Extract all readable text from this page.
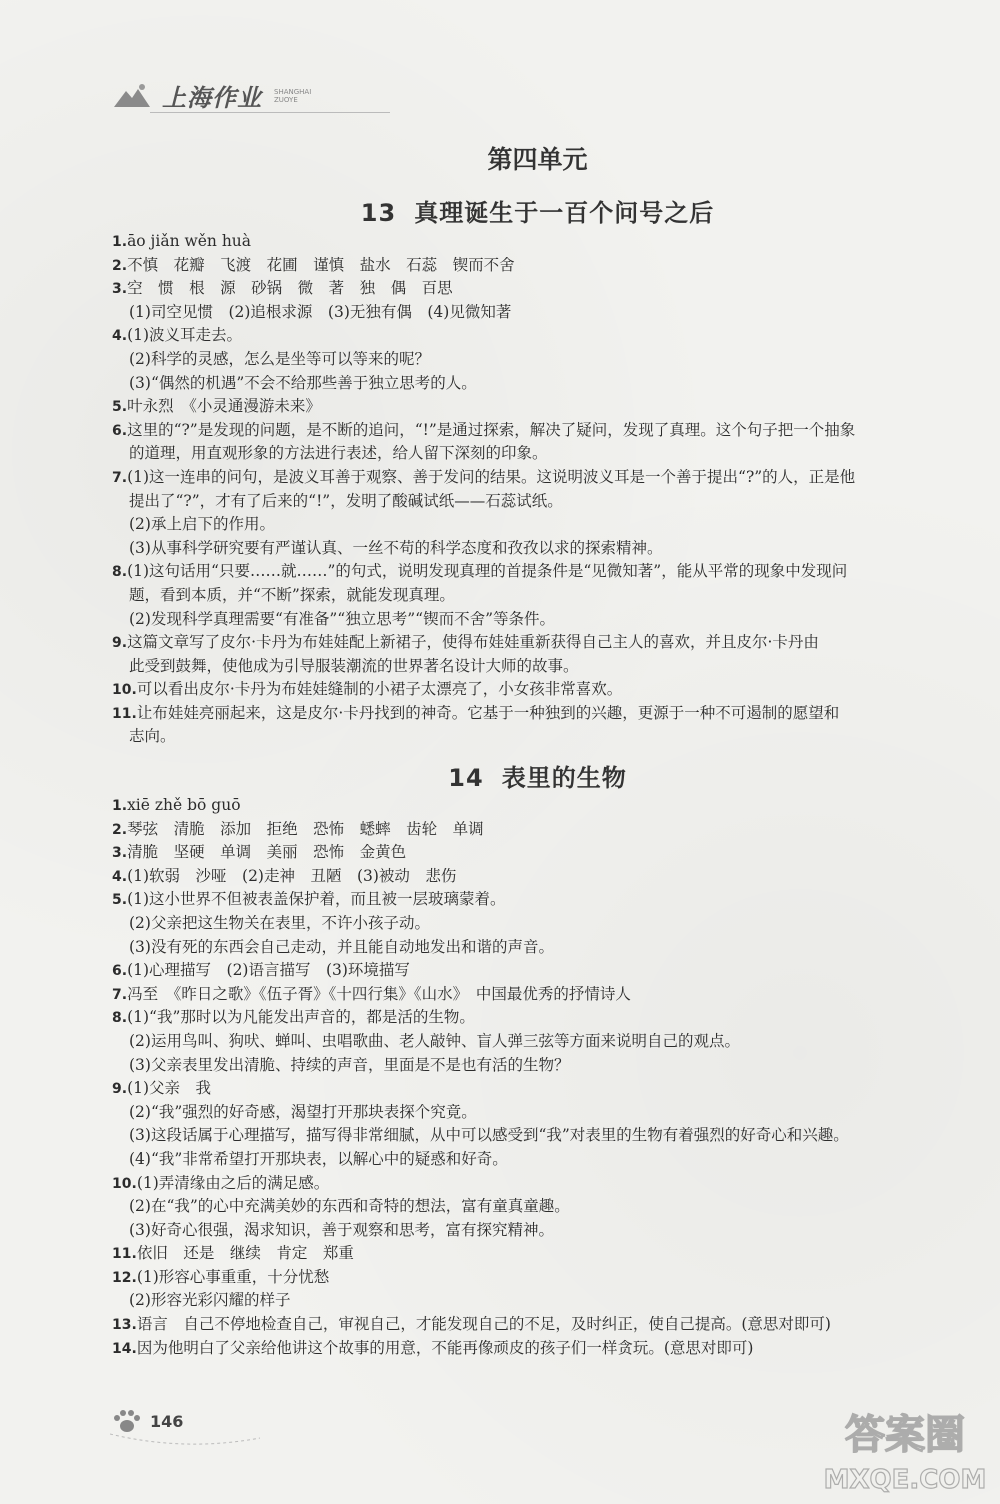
上海作业 SHANGHAI
ZUOYE
第四单元
13 真理诞生于一百个问号之后
1.āo jiǎn wěn huà
2.不慎　花瓣　飞渡　花圃　谨慎　盐水　石蕊　锲而不舍
3.空　惯　根　源　砂锅　微　著　独　偶　百思
(1)司空见惯　(2)追根求源　(3)无独有偶　(4)见微知著
4.(1)波义耳走去。
(2)科学的灵感，怎么是坐等可以等来的呢？
(3)“偶然的机遇”不会不给那些善于独立思考的人。
5.叶永烈　《小灵通漫游未来》
6.这里的“?”是发现的问题，是不断的追问，“!”是通过探索，解决了疑问，发现了真理。这个句子把一个抽象
的道理，用直观形象的方法进行表述，给人留下深刻的印象。
7.(1)这一连串的问句，是波义耳善于观察、善于发问的结果。这说明波义耳是一个善于提出“?”的人，正是他
提出了“?”，才有了后来的“!”，发明了酸碱试纸——石蕊试纸。
(2)承上启下的作用。
(3)从事科学研究要有严谨认真、一丝不苟的科学态度和孜孜以求的探索精神。
8.(1)这句话用“只要……就……”的句式，说明发现真理的首提条件是“见微知著”，能从平常的现象中发现问
题，看到本质，并“不断”探索，就能发现真理。
(2)发现科学真理需要“有准备”“独立思考”“锲而不舍”等条件。
9.这篇文章写了皮尔·卡丹为布娃娃配上新裙子，使得布娃娃重新获得自己主人的喜欢，并且皮尔·卡丹由
此受到鼓舞，使他成为引导服装潮流的世界著名设计大师的故事。
10.可以看出皮尔·卡丹为布娃娃缝制的小裙子太漂亮了，小女孩非常喜欢。
11.让布娃娃亮丽起来，这是皮尔·卡丹找到的神奇。它基于一种独到的兴趣，更源于一种不可遏制的愿望和
志向。
14 表里的生物
1.xiē zhě bō guō
2.琴弦　清脆　添加　拒绝　恐怖　蟋蟀　齿轮　单调
3.清脆　坚硬　单调　美丽　恐怖　金黄色
4.(1)软弱　沙哑　(2)走神　丑陋　(3)被动　悲伤
5.(1)这小世界不但被表盖保护着，而且被一层玻璃蒙着。
(2)父亲把这生物关在表里，不许小孩子动。
(3)没有死的东西会自己走动，并且能自动地发出和谐的声音。
6.(1)心理描写　(2)语言描写　(3)环境描写
7.冯至　《昨日之歌》《伍子胥》《十四行集》《山水》　中国最优秀的抒情诗人
8.(1)“我”那时以为凡能发出声音的，都是活的生物。
(2)运用鸟叫、狗吠、蝉叫、虫唱歌曲、老人敲钟、盲人弹三弦等方面来说明自己的观点。
(3)父亲表里发出清脆、持续的声音，里面是不是也有活的生物？
9.(1)父亲　我
(2)“我”强烈的好奇感，渴望打开那块表探个究竟。
(3)这段话属于心理描写，描写得非常细腻，从中可以感受到“我”对表里的生物有着强烈的好奇心和兴趣。
(4)“我”非常希望打开那块表，以解心中的疑惑和好奇。
10.(1)弄清缘由之后的满足感。
(2)在“我”的心中充满美妙的东西和奇特的想法，富有童真童趣。
(3)好奇心很强，渴求知识，善于观察和思考，富有探究精神。
11.依旧　还是　继续　肯定　郑重
12.(1)形容心事重重，十分忧愁
(2)形容光彩闪耀的样子
13.语言　自己不停地检查自己，审视自己，才能发现自己的不足，及时纠正，使自己提高。(意思对即可)
14.因为他明白了父亲给他讲这个故事的用意，不能再像顽皮的孩子们一样贪玩。(意思对即可)
146	答案圈
MXQE.COM
